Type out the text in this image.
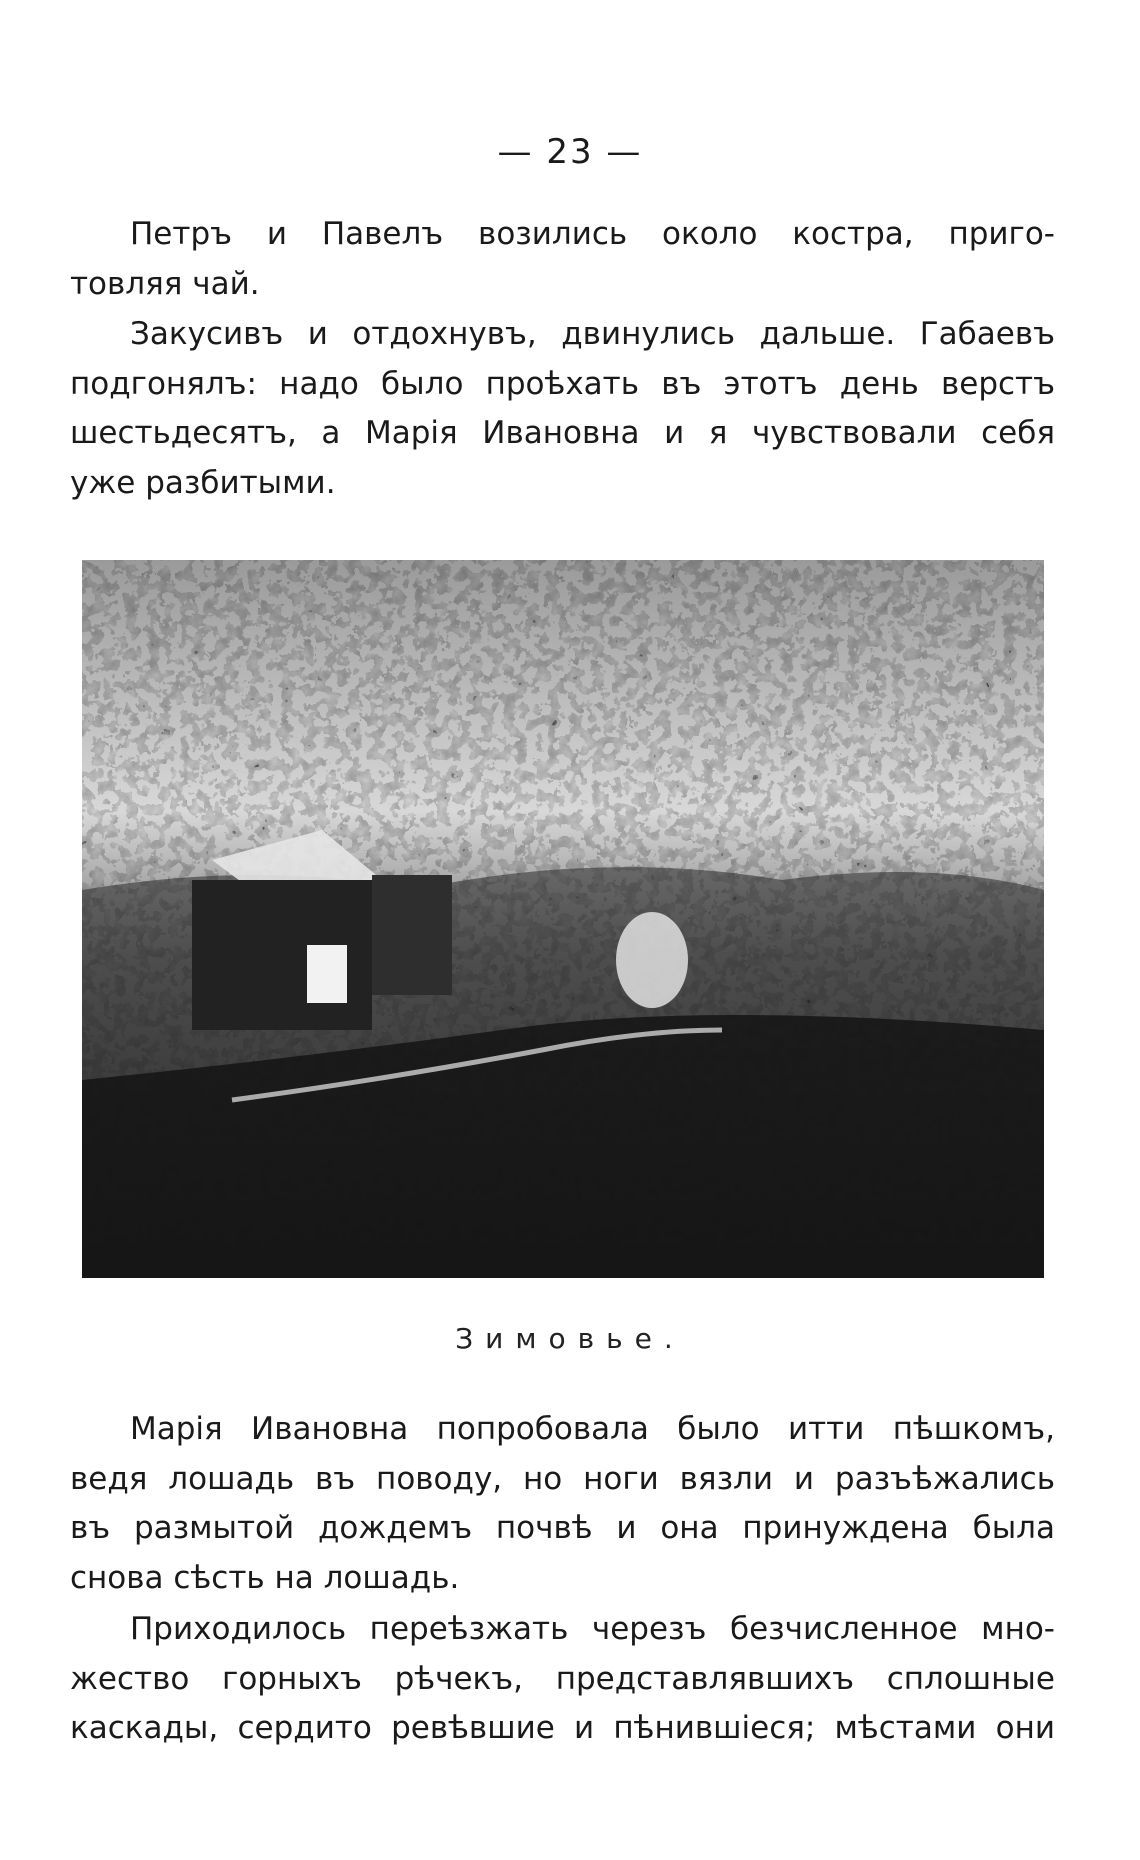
— 23 —
Петръ и Павелъ возились около костра, приго-
товляя чай.
Закусивъ и отдохнувъ, двинулись дальше. Габаевъ
подгонялъ: надо было проѣхать въ этотъ день верстъ
шестьдесятъ, а Марія Ивановна и я чувствовали себя
уже разбитыми.
Зимовье.
Марія Ивановна попробовала было итти пѣшкомъ,
ведя лошадь въ поводу, но ноги вязли и разъѣжались
въ размытой дождемъ почвѣ и она принуждена была
снова сѣсть на лошадь.
Приходилось переѣзжать черезъ безчисленное мно-
жество горныхъ рѣчекъ, представлявшихъ сплошные
каскады, сердито ревѣвшие и пѣнившіеся; мѣстами они
